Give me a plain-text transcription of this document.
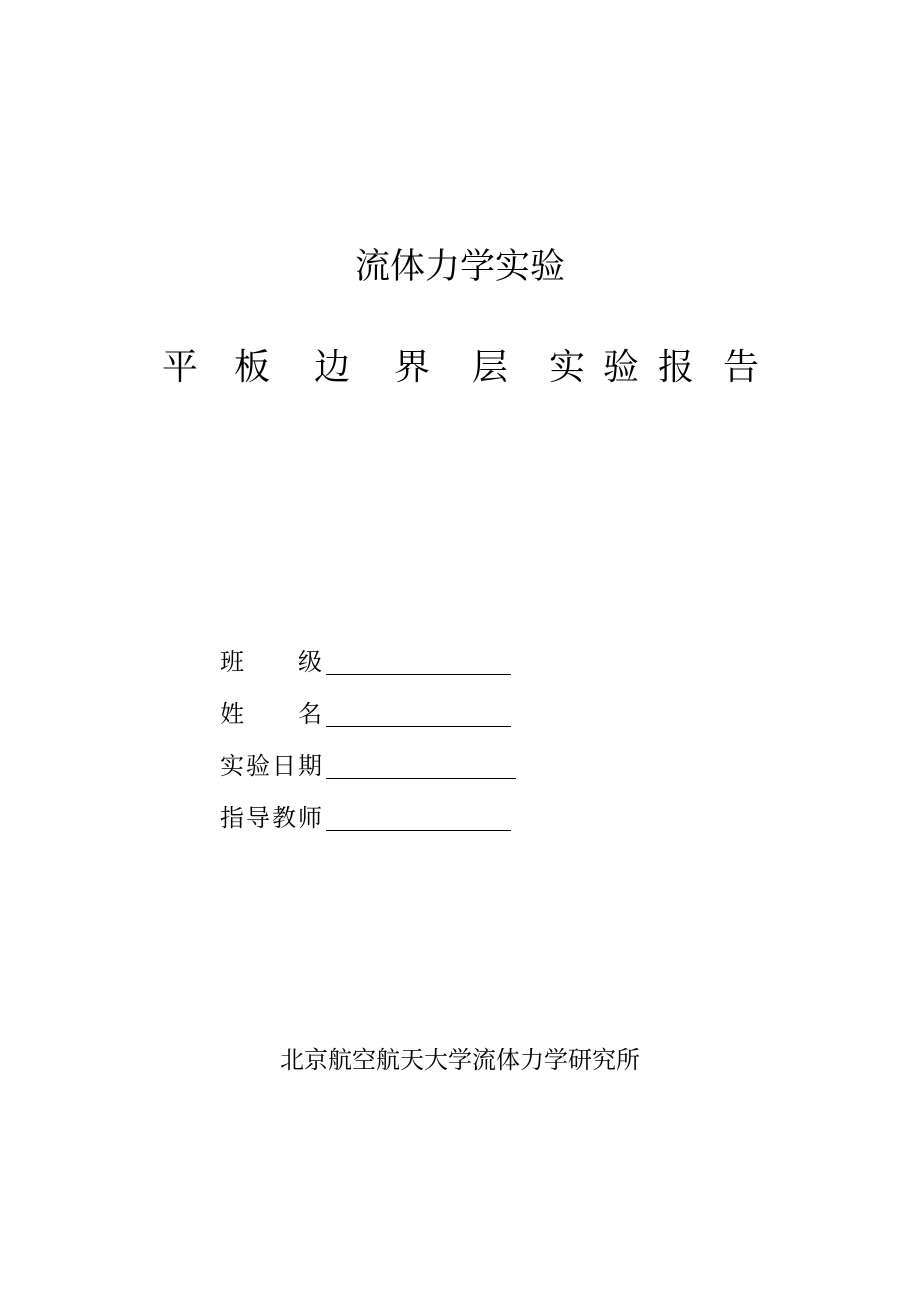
流体力学实验
平 板 边 界 层 实 验 报 告
班 级
姓 名
实 验 日 期
指 导 教 师

北京航空航天大学流体力学研究所
